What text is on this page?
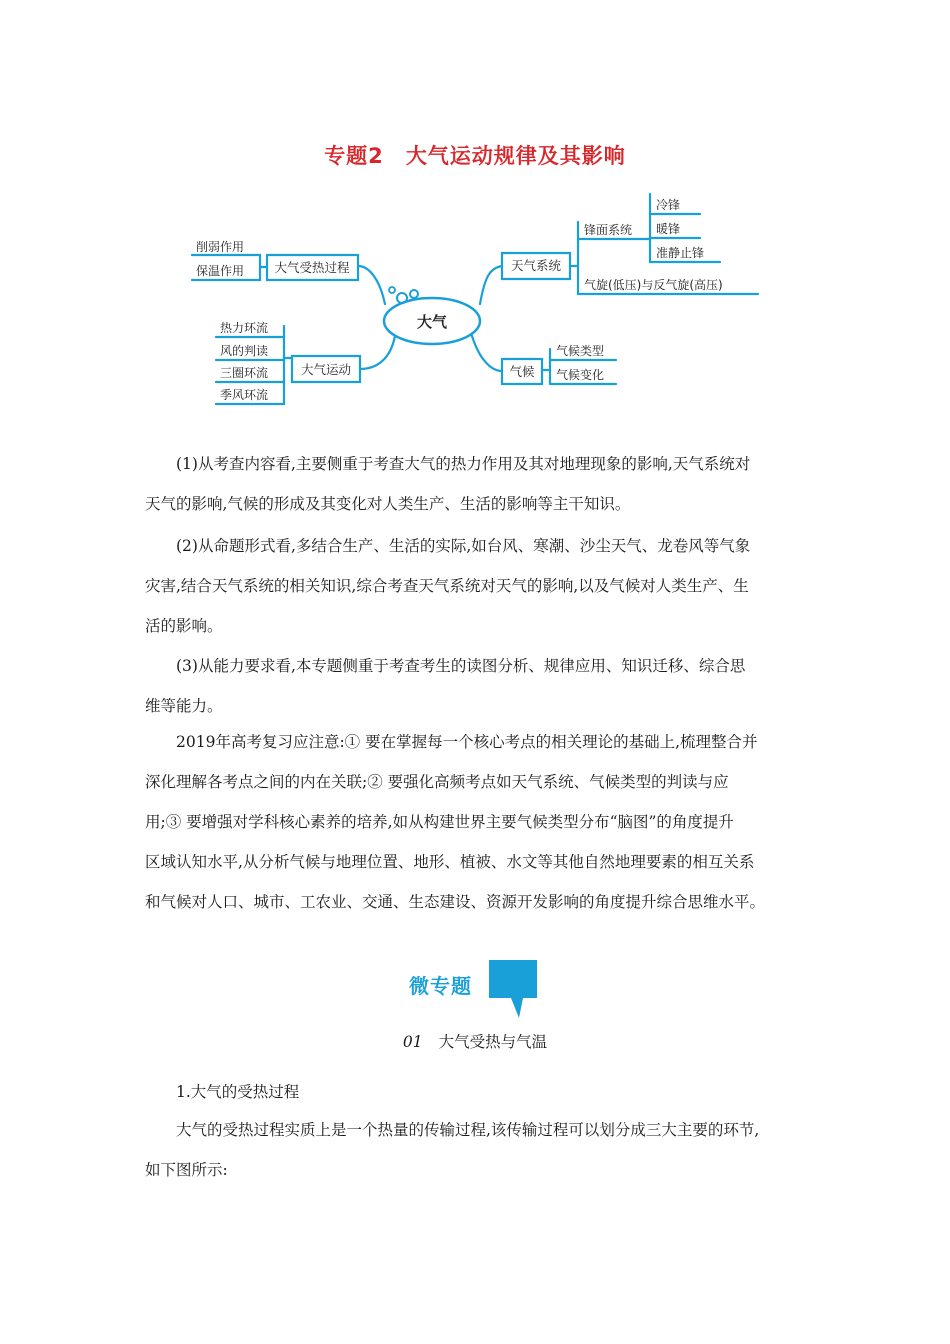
专题2 大气运动规律及其影响
大气
大气受热过程
削弱作用
保温作用
大气运动
热力环流
风的判读
三圈环流
季风环流
天气系统
锋面系统
冷锋
暖锋
准静止锋
气旋(低压)与反气旋(高压)
气候
气候类型
气候变化
(1)从考查内容看,主要侧重于考查大气的热力作用及其对地理现象的影响,天气系统对
天气的影响,气候的形成及其变化对人类生产、生活的影响等主干知识。
(2)从命题形式看,多结合生产、生活的实际,如台风、寒潮、沙尘天气、龙卷风等气象
灾害,结合天气系统的相关知识,综合考查天气系统对天气的影响,以及气候对人类生产、生
活的影响。
(3)从能力要求看,本专题侧重于考查考生的读图分析、规律应用、知识迁移、综合思
维等能力。
2019年高考复习应注意:① 要在掌握每一个核心考点的相关理论的基础上,梳理整合并
深化理解各考点之间的内在关联;② 要强化高频考点如天气系统、气候类型的判读与应
用;③ 要增强对学科核心素养的培养,如从构建世界主要气候类型分布“脑图”的角度提升
区域认知水平,从分析气候与地理位置、地形、植被、水文等其他自然地理要素的相互关系
和气候对人口、城市、工农业、交通、生态建设、资源开发影响的角度提升综合思维水平。
微专题
01 大气受热与气温
1.大气的受热过程
大气的受热过程实质上是一个热量的传输过程,该传输过程可以划分成三大主要的环节,
如下图所示:
